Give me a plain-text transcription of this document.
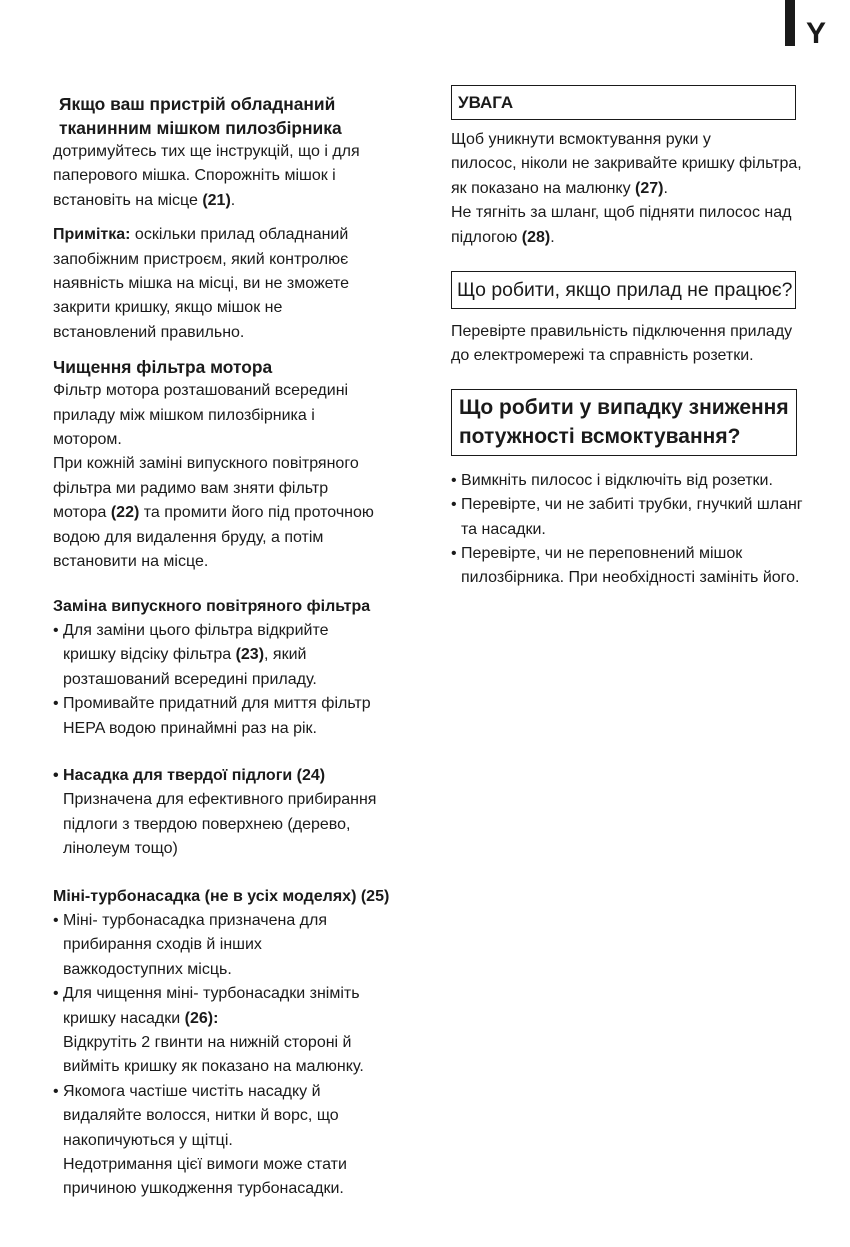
Y
Якщо ваш пристрій обладнаний
тканинним мішком пилозбірника
дотримуйтесь тих ще інструкцій, що і для
паперового мішка. Спорожніть мішок і
встановіть на місце (21).
Примітка: оскільки прилад обладнаний
запобіжним пристроєм, який контролює
наявність мішка на місці, ви не зможете
закрити кришку, якщо мішок не
встановлений правильно.
Чищення фільтра мотора
Фільтр мотора розташований всередині
приладу між мішком пилозбірника і
мотором.
При кожній заміні випускного повітряного
фільтра ми радимо вам зняти фільтр
мотора (22) та промити його під проточною
водою для видалення бруду, а потім
встановити на місце.
Заміна випускного повітряного фільтра
• Для заміни цього фільтра відкрийте
кришку відсіку фільтра (23), який
розташований всередині приладу.
• Промивайте придатний для миття фільтр
HEPA водою принаймні раз на рік.
• Насадка для твердої підлоги (24)
Призначена для ефективного прибирання
підлоги з твердою поверхнею (дерево,
лінолеум тощо)
Міні-турбонасадка (не в усіх моделях) (25)
• Міні- турбонасадка призначена для
прибирання сходів й інших
важкодоступних місць.
• Для чищення міні- турбонасадки зніміть
кришку насадки (26):
Відкрутіть 2 гвинти на нижній стороні й
вийміть кришку як показано на малюнку.
• Якомога частіше чистіть насадку й
видаляйте волосся, нитки й ворс, що
накопичуються у щітці.
Недотримання цієї вимоги може стати
причиною ушкодження турбонасадки.
УВАГА
Щоб уникнути всмоктування руки у
пилосос, ніколи не закривайте кришку фільтра,
як показано на малюнку (27).
Не тягніть за шланг, щоб підняти пилосос над
підлогою (28).
Що робити, якщо прилад не працює?
Перевірте правильність підключення приладу
до електромережі та справність розетки.
Що робити у випадку зниження
потужності всмоктування?
• Вимкніть пилосос і відключіть від розетки.
• Перевірте, чи не забиті трубки, гнучкий шланг
та насадки.
• Перевірте, чи не переповнений мішок
пилозбірника. При необхідності замініть його.
